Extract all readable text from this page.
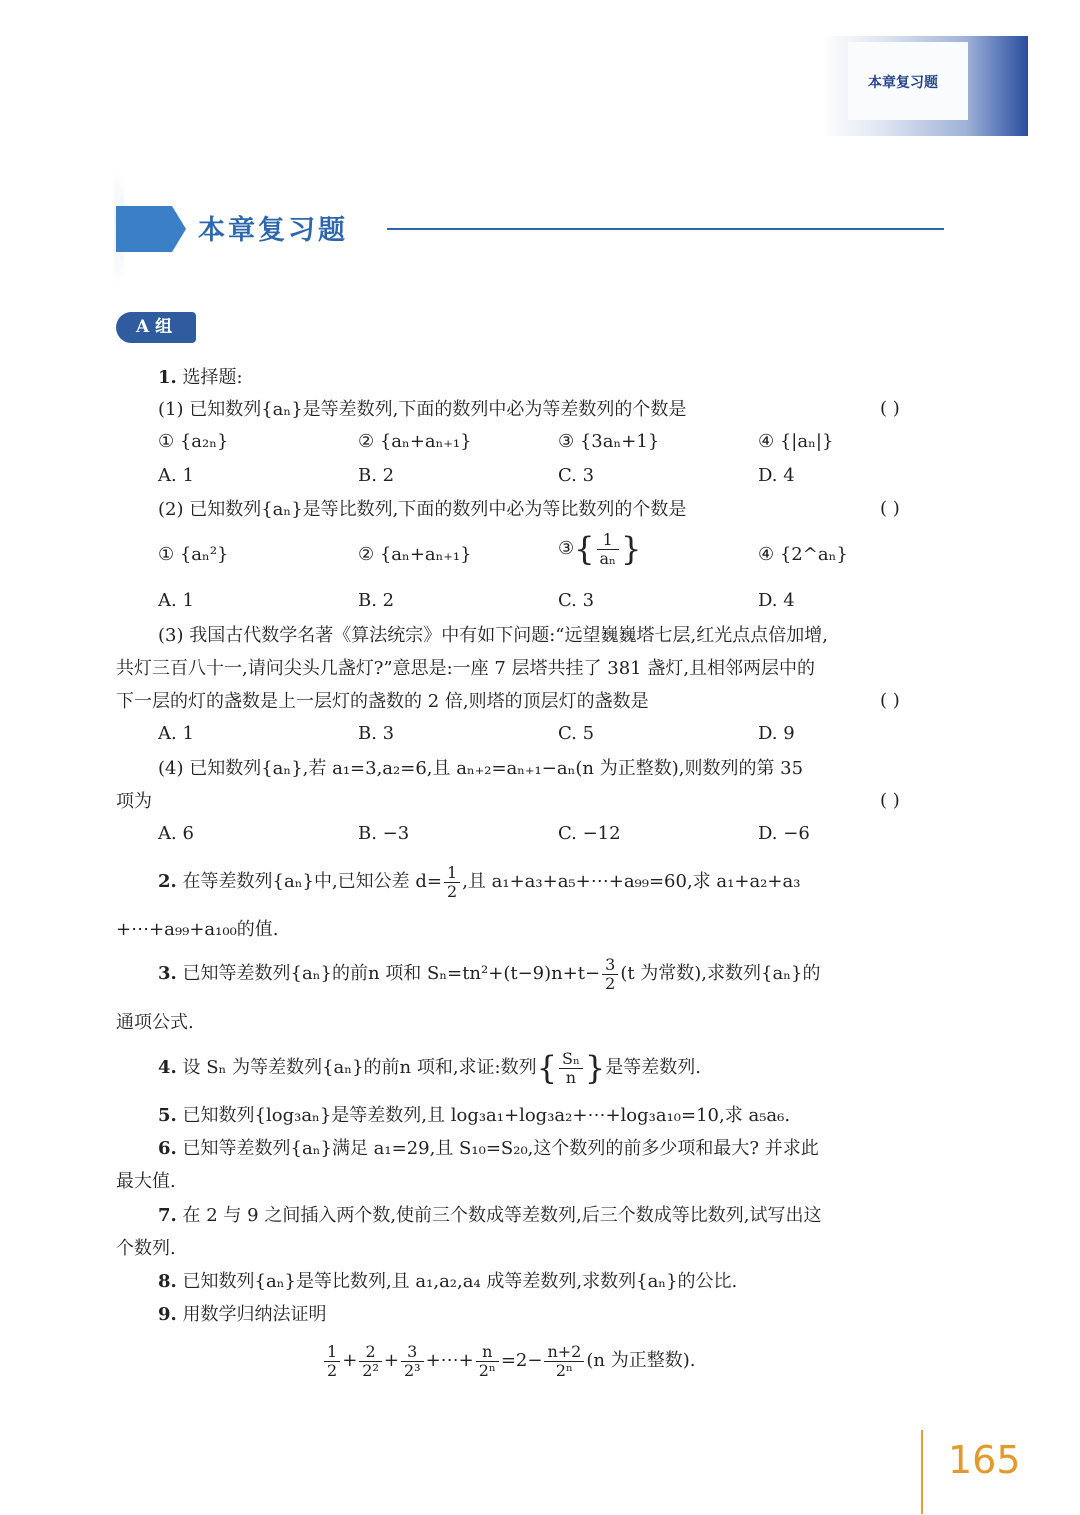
本章复习题
本章复习题
A 组
1. 选择题:
(1) 已知数列{aₙ}是等差数列,下面的数列中必为等差数列的个数是	( )
① {a₂ₙ}	② {aₙ+aₙ₊₁}	③ {3aₙ+1}	④ {|aₙ|}
A. 1	B. 2	C. 3	D. 4
(2) 已知数列{aₙ}是等比数列,下面的数列中必为等比数列的个数是	( )
① {aₙ²}	② {aₙ+aₙ₊₁}	③{ $\frac{1}{\text{aₙ}}$ }	④ {2^aₙ}
A. 1	B. 2	C. 3	D. 4
(3) 我国古代数学名著《算法统宗》中有如下问题:“远望巍巍塔七层,红光点点倍加增,
共灯三百八十一,请问尖头几盏灯?”意思是:一座 7 层塔共挂了 381 盏灯,且相邻两层中的
下一层的灯的盏数是上一层灯的盏数的 2 倍,则塔的顶层灯的盏数是	( )
A. 1	B. 3	C. 5	D. 9
(4) 已知数列{aₙ},若 a₁=3,a₂=6,且 aₙ₊₂=aₙ₊₁−aₙ(n 为正整数),则数列的第 35
项为	( )
A. 6	B. −3	C. −12	D. −6
2. 在等差数列{aₙ}中,已知公差 $d= \frac{1}{2}$ ,且 a₁+a₃+a₅+⋯+a₉₉=60,求 a₁+a₂+a₃
+⋯+a₉₉+a₁₀₀的值.
3. 已知等差数列{aₙ}的前n 项和 $S_n=tn^2+(t-9)n+t- \frac{3}{2} (t$ 为常数),求数列{aₙ}的
通项公式.
4. 设 Sₙ 为等差数列{aₙ}的前n 项和,求证:数列{ $\frac{\text{Sₙ}}{n}$ }是等差数列.
5. 已知数列{log₃aₙ}是等差数列,且 log₃a₁+log₃a₂+⋯+log₃a₁₀=10,求 a₅a₆.
6. 已知等差数列{aₙ}满足 a₁=29,且 S₁₀=S₂₀,这个数列的前多少项和最大? 并求此
最大值.
7. 在 2 与 9 之间插入两个数,使前三个数成等差数列,后三个数成等比数列,试写出这
个数列.
8. 已知数列{aₙ}是等比数列,且 a₁,a₂,a₄ 成等差数列,求数列{aₙ}的公比.
9. 用数学归纳法证明
$\frac{1}{2} + \frac{2}{\text{2²}} + \frac{3}{\text{2³}}$ +⋯+ $\frac{n}{\text{2ⁿ}} =2- \frac{n+2}{\text{2ⁿ}} (n$ 为正整数).
165
